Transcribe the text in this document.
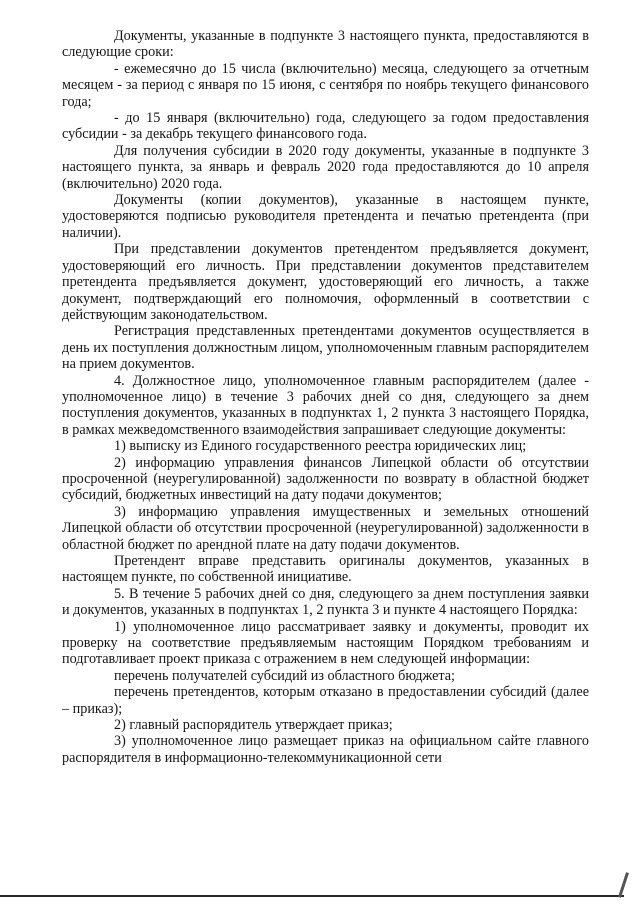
Документы, указанные в подпункте 3 настоящего пункта, предоставляются в следующие сроки:

- ежемесячно до 15 числа (включительно) месяца, следующего за отчетным месяцем - за период с января по 15 июня, с сентября по ноябрь текущего финансового года;

- до 15 января (включительно) года, следующего за годом предоставления субсидии - за декабрь текущего финансового года.

Для получения субсидии в 2020 году документы, указанные в подпункте 3 настоящего пункта, за январь и февраль 2020 года предоставляются до 10 апреля (включительно) 2020 года.

Документы (копии документов), указанные в настоящем пункте, удостоверяются подписью руководителя претендента и печатью претендента (при наличии).

При представлении документов претендентом предъявляется документ, удостоверяющий его личность. При представлении документов представителем претендента предъявляется документ, удостоверяющий его личность, а также документ, подтверждающий его полномочия, оформленный в соответствии с действующим законодательством.

Регистрация представленных претендентами документов осуществляется в день их поступления должностным лицом, уполномоченным главным распорядителем на прием документов.

4. Должностное лицо, уполномоченное главным распорядителем (далее - уполномоченное лицо) в течение 3 рабочих дней со дня, следующего за днем поступления документов, указанных в подпунктах 1, 2 пункта 3 настоящего Порядка, в рамках межведомственного взаимодействия запрашивает следующие документы:

1) выписку из Единого государственного реестра юридических лиц;

2) информацию управления финансов Липецкой области об отсутствии просроченной (неурегулированной) задолженности по возврату в областной бюджет субсидий, бюджетных инвестиций на дату подачи документов;

3) информацию управления имущественных и земельных отношений Липецкой области об отсутствии просроченной (неурегулированной) задолженности в областной бюджет по арендной плате на дату подачи документов.

Претендент вправе представить оригиналы документов, указанных в настоящем пункте, по собственной инициативе.

5. В течение 5 рабочих дней со дня, следующего за днем поступления заявки и документов, указанных в подпунктах 1, 2 пункта 3 и пункте 4 настоящего Порядка:

1) уполномоченное лицо рассматривает заявку и документы, проводит их проверку на соответствие предъявляемым настоящим Порядком требованиям и подготавливает проект приказа с отражением в нем следующей информации:

перечень получателей субсидий из областного бюджета;

перечень претендентов, которым отказано в предоставлении субсидий (далее – приказ);

2) главный распорядитель утверждает приказ;

3) уполномоченное лицо размещает приказ на официальном сайте главного распорядителя в информационно-телекоммуникационной сети
